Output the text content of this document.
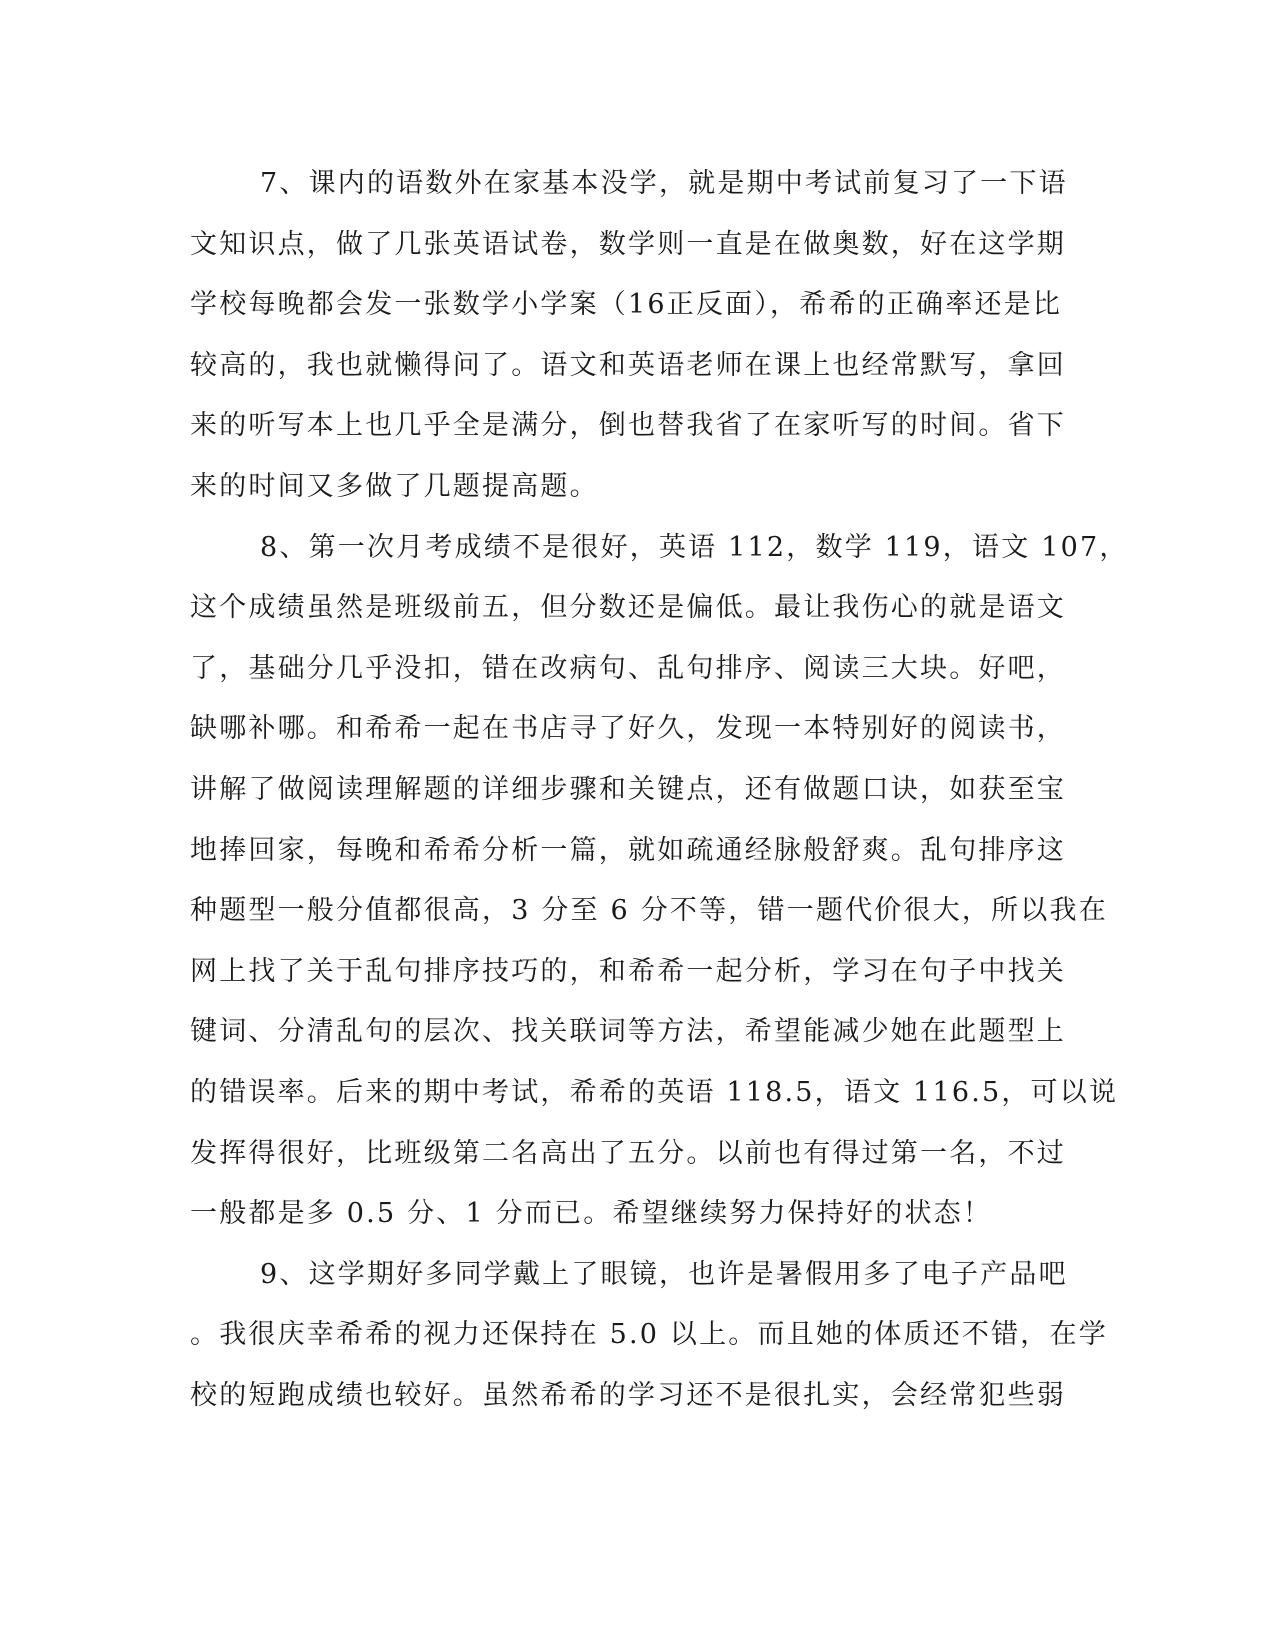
7、课内的语数外在家基本没学，就是期中考试前复习了一下语
文知识点，做了几张英语试卷，数学则一直是在做奥数，好在这学期
学校每晚都会发一张数学小学案（16正反面），希希的正确率还是比
较高的，我也就懒得问了。语文和英语老师在课上也经常默写，拿回
来的听写本上也几乎全是满分，倒也替我省了在家听写的时间。省下
来的时间又多做了几题提高题。
8、第一次月考成绩不是很好，英语 112，数学 119，语文 107，
这个成绩虽然是班级前五，但分数还是偏低。最让我伤心的就是语文
了，基础分几乎没扣，错在改病句、乱句排序、阅读三大块。好吧，
缺哪补哪。和希希一起在书店寻了好久，发现一本特别好的阅读书，
讲解了做阅读理解题的详细步骤和关键点，还有做题口诀，如获至宝
地捧回家，每晚和希希分析一篇，就如疏通经脉般舒爽。乱句排序这
种题型一般分值都很高，3 分至 6 分不等，错一题代价很大，所以我在
网上找了关于乱句排序技巧的，和希希一起分析，学习在句子中找关
键词、分清乱句的层次、找关联词等方法，希望能减少她在此题型上
的错误率。后来的期中考试，希希的英语 118.5，语文 116.5，可以说
发挥得很好，比班级第二名高出了五分。以前也有得过第一名，不过
一般都是多 0.5 分、1 分而已。希望继续努力保持好的状态！
9、这学期好多同学戴上了眼镜，也许是暑假用多了电子产品吧
。我很庆幸希希的视力还保持在 5.0 以上。而且她的体质还不错，在学
校的短跑成绩也较好。虽然希希的学习还不是很扎实，会经常犯些弱
